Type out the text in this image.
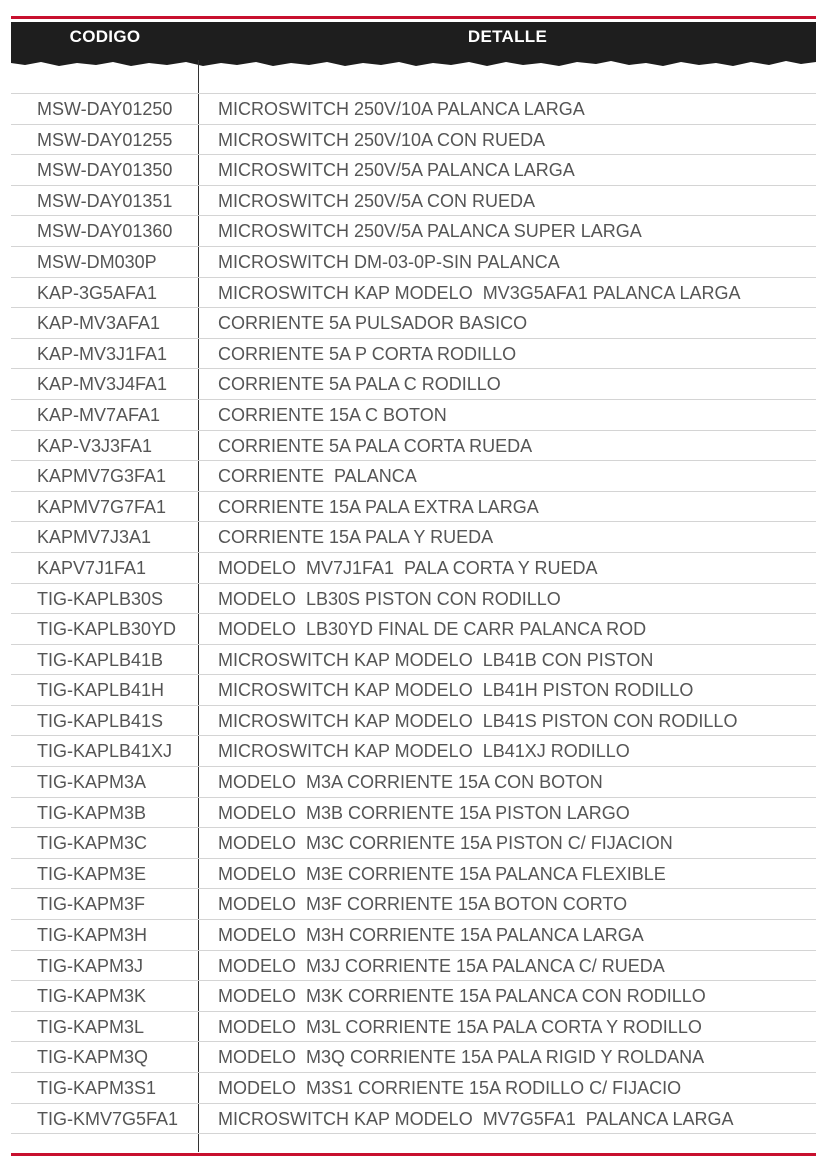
CODIGO	DETALLE
MSW-DAY01250	MICROSWITCH 250V/10A PALANCA LARGA
MSW-DAY01255	MICROSWITCH 250V/10A CON RUEDA
MSW-DAY01350	MICROSWITCH 250V/5A PALANCA LARGA
MSW-DAY01351	MICROSWITCH 250V/5A CON RUEDA
MSW-DAY01360	MICROSWITCH 250V/5A PALANCA SUPER LARGA
MSW-DM030P	MICROSWITCH DM-03-0P-SIN PALANCA
KAP-3G5AFA1	MICROSWITCH KAP MODELO  MV3G5AFA1 PALANCA LARGA
KAP-MV3AFA1	CORRIENTE 5A PULSADOR BASICO
KAP-MV3J1FA1	CORRIENTE 5A P CORTA RODILLO
KAP-MV3J4FA1	CORRIENTE 5A PALA C RODILLO
KAP-MV7AFA1	CORRIENTE 15A C BOTON
KAP-V3J3FA1	CORRIENTE 5A PALA CORTA RUEDA
KAPMV7G3FA1	CORRIENTE  PALANCA
KAPMV7G7FA1	CORRIENTE 15A PALA EXTRA LARGA
KAPMV7J3A1	CORRIENTE 15A PALA Y RUEDA
KAPV7J1FA1	MODELO  MV7J1FA1  PALA CORTA Y RUEDA
TIG-KAPLB30S	MODELO  LB30S PISTON CON RODILLO
TIG-KAPLB30YD MODELO  LB30YD FINAL DE CARR PALANCA ROD
TIG-KAPLB41B	MICROSWITCH KAP MODELO  LB41B CON PISTON
TIG-KAPLB41H	MICROSWITCH KAP MODELO  LB41H PISTON RODILLO
TIG-KAPLB41S	MICROSWITCH KAP MODELO  LB41S PISTON CON RODILLO
TIG-KAPLB41XJ	MICROSWITCH KAP MODELO  LB41XJ RODILLO
TIG-KAPM3A	MODELO  M3A CORRIENTE 15A CON BOTON
TIG-KAPM3B	MODELO  M3B CORRIENTE 15A PISTON LARGO
TIG-KAPM3C	MODELO  M3C CORRIENTE 15A PISTON C/ FIJACION
TIG-KAPM3E	MODELO  M3E CORRIENTE 15A PALANCA FLEXIBLE
TIG-KAPM3F	MODELO  M3F CORRIENTE 15A BOTON CORTO
TIG-KAPM3H	MODELO  M3H CORRIENTE 15A PALANCA LARGA
TIG-KAPM3J	MODELO  M3J CORRIENTE 15A PALANCA C/ RUEDA
TIG-KAPM3K	MODELO  M3K CORRIENTE 15A PALANCA CON RODILLO
TIG-KAPM3L	MODELO  M3L CORRIENTE 15A PALA CORTA Y RODILLO
TIG-KAPM3Q	MODELO  M3Q CORRIENTE 15A PALA RIGID Y ROLDANA
TIG-KAPM3S1	MODELO  M3S1 CORRIENTE 15A RODILLO C/ FIJACIO
TIG-KMV7G5FA1 MICROSWITCH KAP MODELO  MV7G5FA1  PALANCA LARGA
